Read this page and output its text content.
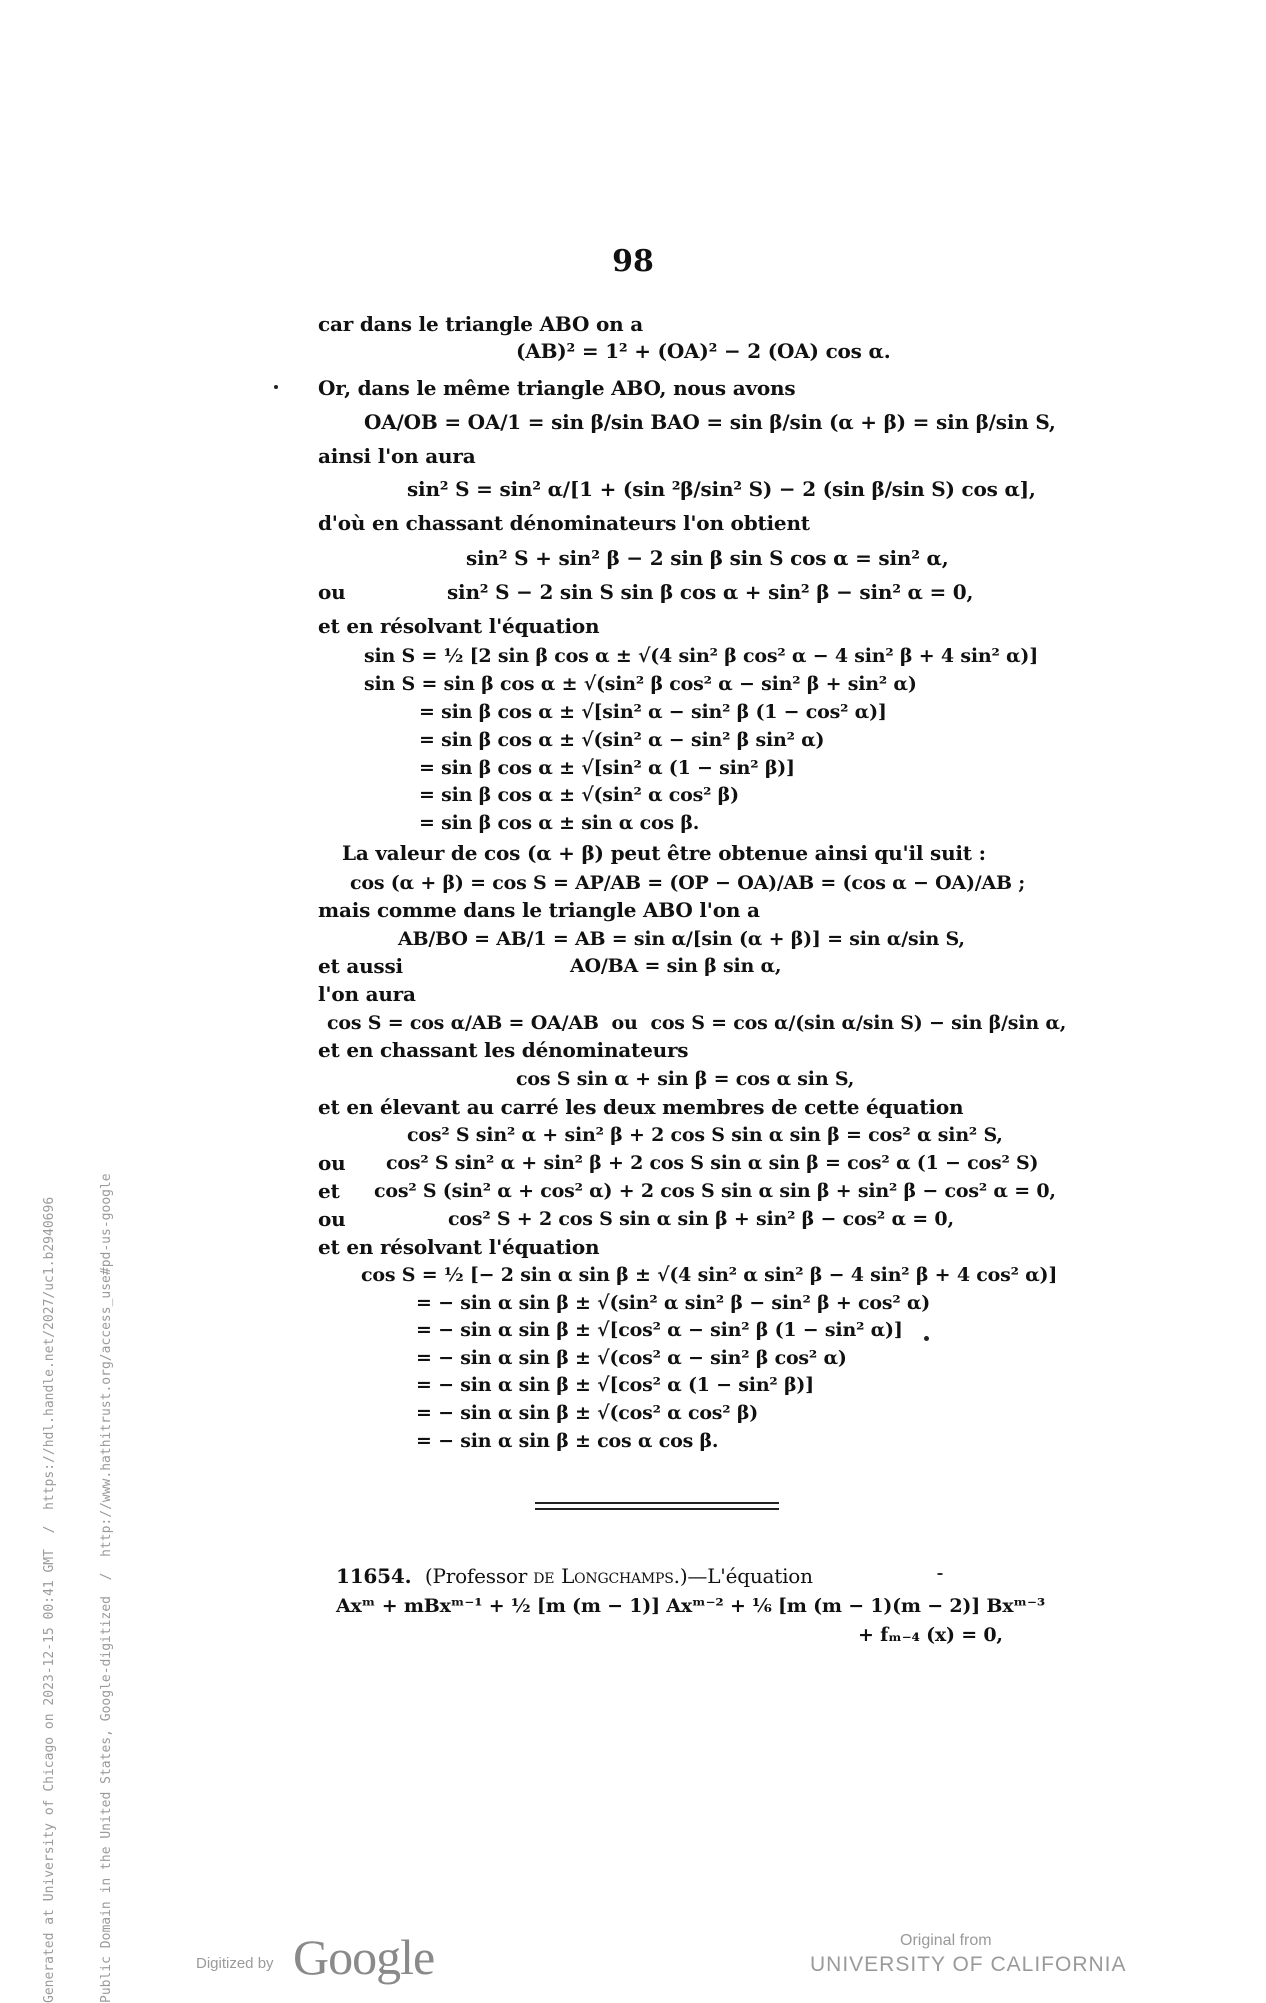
98
car dans le triangle ABO on a
(AB)² = 1² + (OA)² − 2 (OA) cos α.
Or, dans le même triangle ABO, nous avons
OA/OB = OA/1 = sin β/sin BAO = sin β/sin (α + β) = sin β/sin S,
ainsi l'on aura
sin² S = sin² α/[1 + (sin ²β/sin² S) − 2 (sin β/sin S) cos α],
d'où en chassant dénominateurs l'on obtient
sin² S + sin² β − 2 sin β sin S cos α = sin² α,
ou	sin² S − 2 sin S sin β cos α + sin² β − sin² α = 0,
et en résolvant l'équation
sin S = ½ [2 sin β cos α ± √(4 sin² β cos² α − 4 sin² β + 4 sin² α)]
sin S = sin β cos α ± √(sin² β cos² α − sin² β + sin² α)
= sin β cos α ± √[sin² α − sin² β (1 − cos² α)]
= sin β cos α ± √(sin² α − sin² β sin² α)
= sin β cos α ± √[sin² α (1 − sin² β)]
= sin β cos α ± √(sin² α cos² β)
= sin β cos α ± sin α cos β.
La valeur de cos (α + β) peut être obtenue ainsi qu'il suit :
cos (α + β) = cos S = AP/AB = (OP − OA)/AB = (cos α − OA)/AB ;
mais comme dans le triangle ABO l'on a
AB/BO = AB/1 = AB = sin α/[sin (α + β)] = sin α/sin S,
et aussi	AO/BA = sin β sin α,
l'on aura
cos S = cos α/AB = OA/AB  ou  cos S = cos α/(sin α/sin S) − sin β/sin α,
et en chassant les dénominateurs
cos S sin α + sin β = cos α sin S,
et en élevant au carré les deux membres de cette équation
cos² S sin² α + sin² β + 2 cos S sin α sin β = cos² α sin² S,
ou cos² S sin² α + sin² β + 2 cos S sin α sin β = cos² α (1 − cos² S)
et cos² S (sin² α + cos² α) + 2 cos S sin α sin β + sin² β − cos² α = 0,
ou	cos² S + 2 cos S sin α sin β + sin² β − cos² α = 0,
et en résolvant l'équation
cos S = ½ [− 2 sin α sin β ± √(4 sin² α sin² β − 4 sin² β + 4 cos² α)]
= − sin α sin β ± √(sin² α sin² β − sin² β + cos² α)
= − sin α sin β ± √[cos² α − sin² β (1 − sin² α)]
= − sin α sin β ± √(cos² α − sin² β cos² α)
= − sin α sin β ± √[cos² α (1 − sin² β)]
= − sin α sin β ± √(cos² α cos² β)
= − sin α sin β ± cos α cos β.
11654. (Professor de Longchamps.)—L'équation
Axᵐ + mBxᵐ⁻¹ + ½ [m (m − 1)] Axᵐ⁻² + ⅙ [m (m − 1)(m − 2)] Bxᵐ⁻³
+ fₘ₋₄ (x) = 0,

Generated at University of Chicago on 2023-12-15 00:41 GMT  /  https://hdl.handle.net/2027/uc1.b2940696

	Public Domain in the United States, Google-digitized  /  http://www.hathitrust.org/access_use#pd-us-google	Digitized by Google	Original from
UNIVERSITY OF CALIFORNIA
